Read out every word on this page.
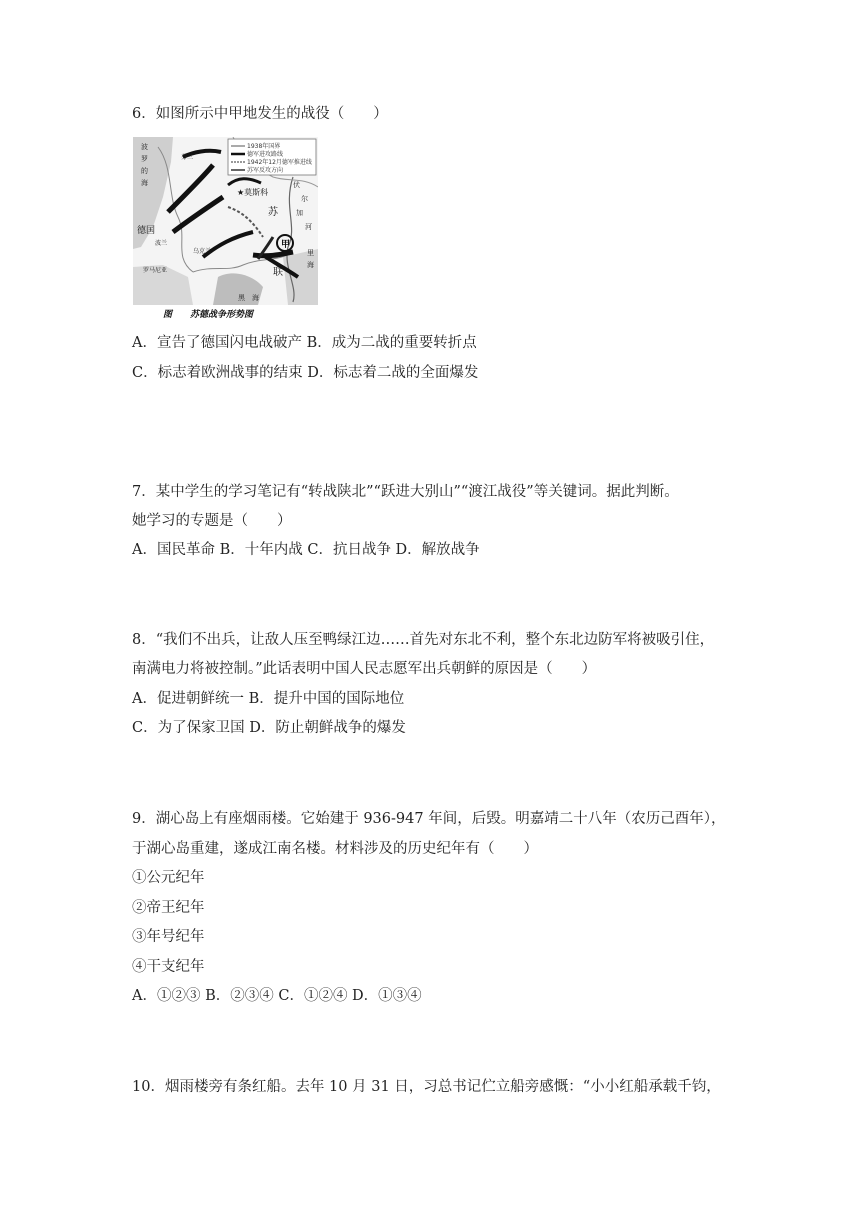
6．如图所示中甲地发生的战役（　　）
1938年国界
德军进攻路线
1942年12月德军推进线
苏军反攻方向
★莫斯科
苏
甲
联
德国
波兰
罗马尼亚
乌克兰
黑　海
芬兰
伏
尔
加
河
里
海
波
罗
的
海
图　　苏德战争形势图
A．宣告了德国闪电战破产 B．成为二战的重要转折点
C．标志着欧洲战事的结束 D．标志着二战的全面爆发
7．某中学生的学习笔记有“转战陕北”“跃进大别山”“渡江战役”等关键词。据此判断。
她学习的专题是（　　）
A．国民革命 B．十年内战 C．抗日战争 D．解放战争
8．“我们不出兵，让敌人压至鸭绿江边……首先对东北不利，整个东北边防军将被吸引住，
南满电力将被控制。”此话表明中国人民志愿军出兵朝鲜的原因是（　　）
A．促进朝鲜统一 B．提升中国的国际地位
C．为了保家卫国 D．防止朝鲜战争的爆发
9．湖心岛上有座烟雨楼。它始建于 936-947 年间，后毁。明嘉靖二十八年（农历己酉年），
于湖心岛重建，遂成江南名楼。材料涉及的历史纪年有（　　）
①公元纪年
②帝王纪年
③年号纪年
④干支纪年
A．①②③ B．②③④ C．①②④ D．①③④
10．烟雨楼旁有条红船。去年 10 月 31 日，习总书记伫立船旁感慨：“小小红船承载千钧，
